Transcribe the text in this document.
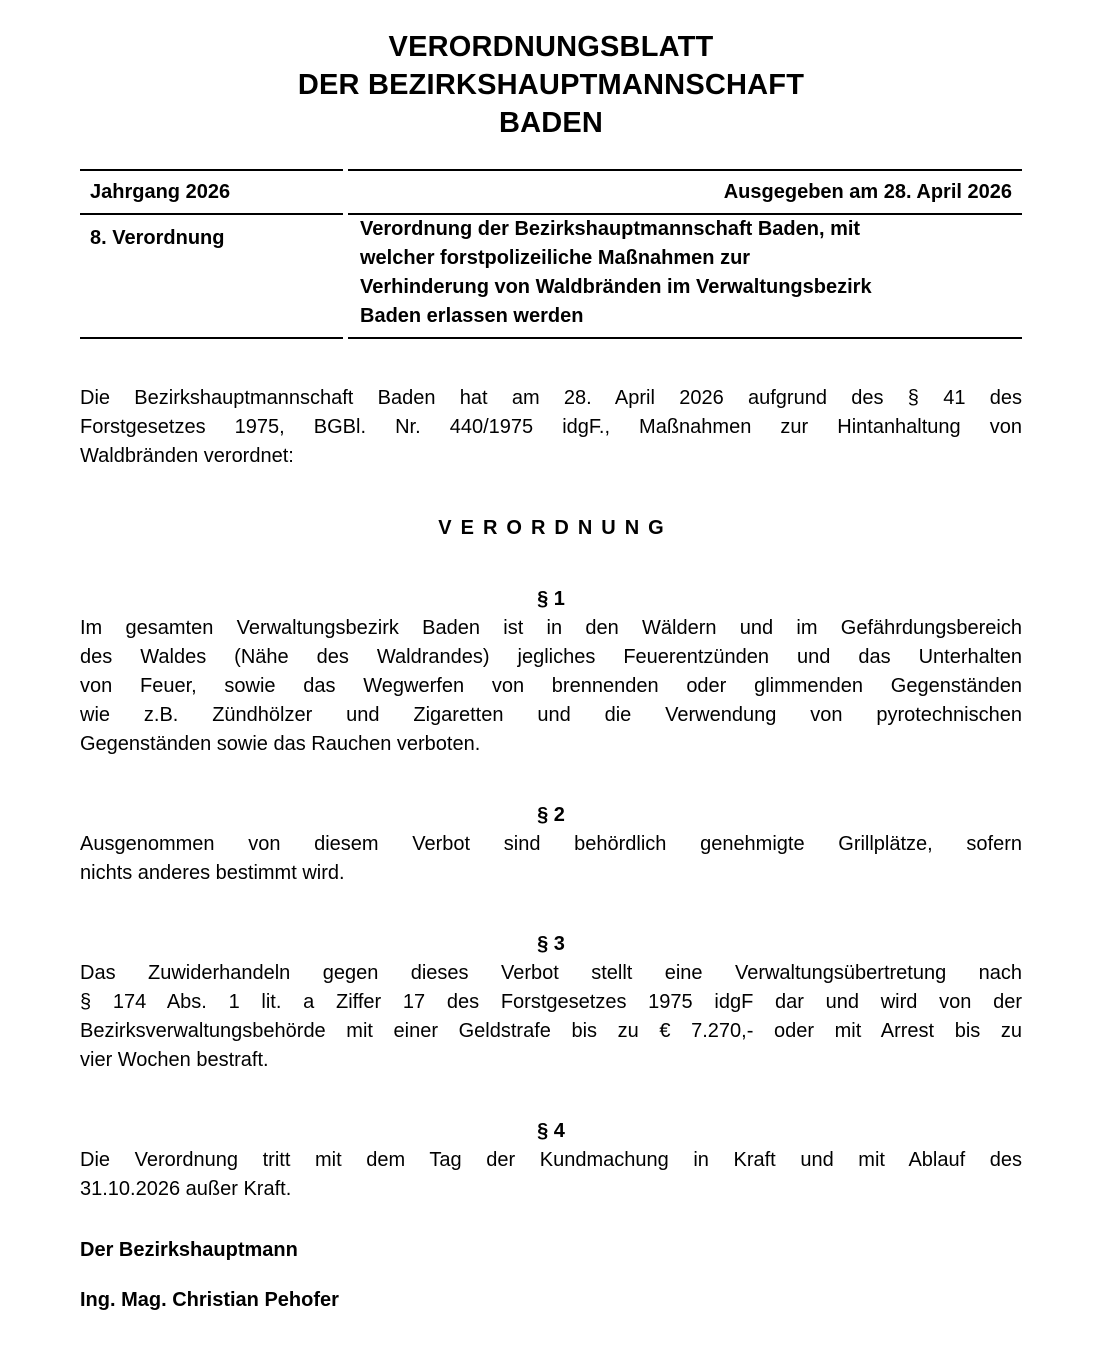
VERORDNUNGSBLATT
DER BEZIRKSHAUPTMANNSCHAFT
BADEN
Jahrgang 2026	Ausgegeben am 28. April 2026
8. Verordnung	Verordnung der Bezirkshauptmannschaft Baden, mit
welcher forstpolizeiliche Maßnahmen zur
Verhinderung von Waldbränden im Verwaltungsbezirk
Baden erlassen werden
Die Bezirkshauptmannschaft Baden hat am 28. April 2026 aufgrund des § 41 des
Forstgesetzes 1975, BGBl. Nr. 440/1975 idgF., Maßnahmen zur Hintanhaltung von
Waldbränden verordnet:
VERORDNUNG
§ 1
Im gesamten Verwaltungsbezirk Baden ist in den Wäldern und im Gefährdungsbereich
des Waldes (Nähe des Waldrandes) jegliches Feuerentzünden und das Unterhalten
von Feuer, sowie das Wegwerfen von brennenden oder glimmenden Gegenständen
wie z.B. Zündhölzer und Zigaretten und die Verwendung von pyrotechnischen
Gegenständen sowie das Rauchen verboten.
§ 2
Ausgenommen von diesem Verbot sind behördlich genehmigte Grillplätze, sofern
nichts anderes bestimmt wird.
§ 3
Das Zuwiderhandeln gegen dieses Verbot stellt eine Verwaltungsübertretung nach
§ 174 Abs. 1 lit. a Ziffer 17 des Forstgesetzes 1975 idgF dar und wird von der
Bezirksverwaltungsbehörde mit einer Geldstrafe bis zu € 7.270,- oder mit Arrest bis zu
vier Wochen bestraft.
§ 4
Die Verordnung tritt mit dem Tag der Kundmachung in Kraft und mit Ablauf des
31.10.2026 außer Kraft.
Der Bezirkshauptmann
Ing. Mag. Christian Pehofer
